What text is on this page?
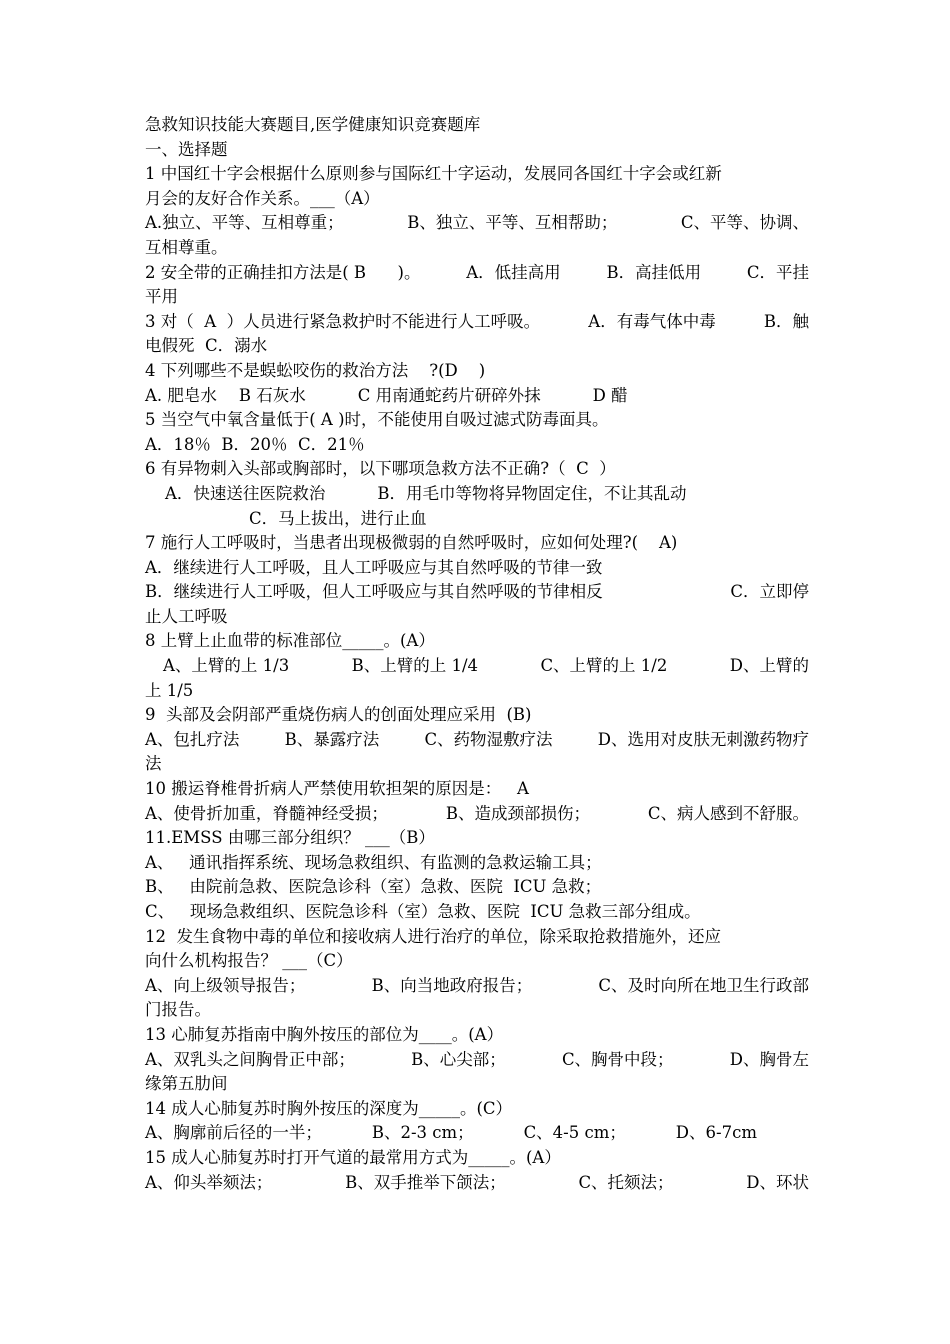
急救知识技能大赛题目,医学健康知识竞赛题库
一、选择题
1 中国红十字会根据什么原则参与国际红十字运动，发展同各国红十字会或红新
月会的友好合作关系。___（A）
A.独立、平等、互相尊重；	B、独立、平等、互相帮助；	C、平等、协调、
互相尊重。
2 安全带的正确挂扣方法是( B      )。	A．低挂高用	B．高挂低用	C．平挂
平用
3 对（  A  ）人员进行紧急救护时不能进行人工呼吸。	A．有毒气体中毒	B．触
电假死  C．溺水
4 下列哪些不是蜈蚣咬伤的救治方法    ?(D    )
A. 肥皂水 B 石灰水	C 用南通蛇药片研碎外抹	D 醋
5 当空气中氧含量低于( A )时，不能使用自吸过滤式防毒面具。
A．18％  B．20％  C．21％
6 有异物刺入头部或胸部时，以下哪项急救方法不正确?（  C  ）
A．快速送往医院救治	B．用毛巾等物将异物固定住，不让其乱动
C．马上拔出，进行止血
7 施行人工呼吸时，当患者出现极微弱的自然呼吸时，应如何处理?(    A)
A．继续进行人工呼吸，且人工呼吸应与其自然呼吸的节律一致
B．继续进行人工呼吸，但人工呼吸应与其自然呼吸的节律相反	C．立即停
止人工呼吸
8 上臂上止血带的标准部位_____。(A）
A、上臂的上 1/3	B、上臂的上 1/4	C、上臂的上 1/2	D、上臂的
上 1/5
9  头部及会阴部严重烧伤病人的创面处理应采用  (B)
A、包扎疗法	B、暴露疗法	C、药物湿敷疗法	D、选用对皮肤无刺激药物疗
法
10 搬运脊椎骨折病人严禁使用软担架的原因是：   A
A、使骨折加重，脊髓神经受损；	B、造成颈部损伤；	C、病人感到不舒服。
11.EMSS 由哪三部分组织？ ___（B）
A、   通讯指挥系统、现场急救组织、有监测的急救运输工具；
B、   由院前急救、医院急诊科（室）急救、医院  ICU 急救；
C、   现场急救组织、医院急诊科（室）急救、医院  ICU 急救三部分组成。
12  发生食物中毒的单位和接收病人进行治疗的单位，除采取抢救措施外，还应
向什么机构报告？ ___（C）
A、向上级领导报告；	B、向当地政府报告；	C、及时向所在地卫生行政部
门报告。
13 心肺复苏指南中胸外按压的部位为____。(A）
A、双乳头之间胸骨正中部；	B、心尖部；	C、胸骨中段；	D、胸骨左
缘第五肋间
14 成人心肺复苏时胸外按压的深度为_____。(C）
A、胸廓前后径的一半；	B、2-3 cm；	C、4-5 cm；	D、6-7cm
15 成人心肺复苏时打开气道的最常用方式为_____。(A）
A、仰头举颏法；	B、双手推举下颌法；	C、托颏法；	D、环状
